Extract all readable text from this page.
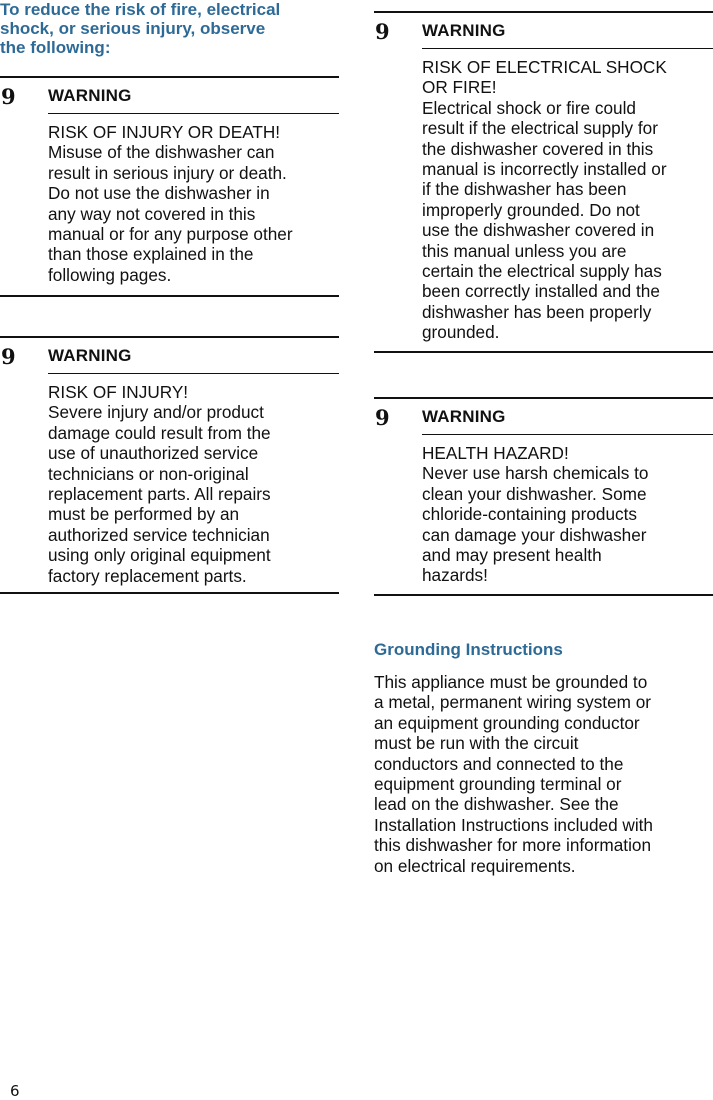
To reduce the risk of fire, electrical
shock, or serious injury, observe
the following:

9 WARNING
RISK OF INJURY OR DEATH!
Misuse of the dishwasher can
result in serious injury or death.
Do not use the dishwasher in
any way not covered in this
manual or for any purpose other
than those explained in the
following pages.
9 WARNING
RISK OF INJURY!
Severe injury and/or product
damage could result from the
use of unauthorized service
technicians or non-original
replacement parts. All repairs
must be performed by an
authorized service technician
using only original equipment
factory replacement parts.
9 WARNING
RISK OF ELECTRICAL SHOCK
OR FIRE!
Electrical shock or fire could
result if the electrical supply for
the dishwasher covered in this
manual is incorrectly installed or
if the dishwasher has been
improperly grounded. Do not
use the dishwasher covered in
this manual unless you are
certain the electrical supply has
been correctly installed and the
dishwasher has been properly
grounded.
9 WARNING
HEALTH HAZARD!
Never use harsh chemicals to
clean your dishwasher. Some
chloride-containing products
can damage your dishwasher
and may present health
hazards!
Grounding Instructions
This appliance must be grounded to
a metal, permanent wiring system or
an equipment grounding conductor
must be run with the circuit
conductors and connected to the
equipment grounding terminal or
lead on the dishwasher. See the
Installation Instructions included with
this dishwasher for more information
on electrical requirements.
6
